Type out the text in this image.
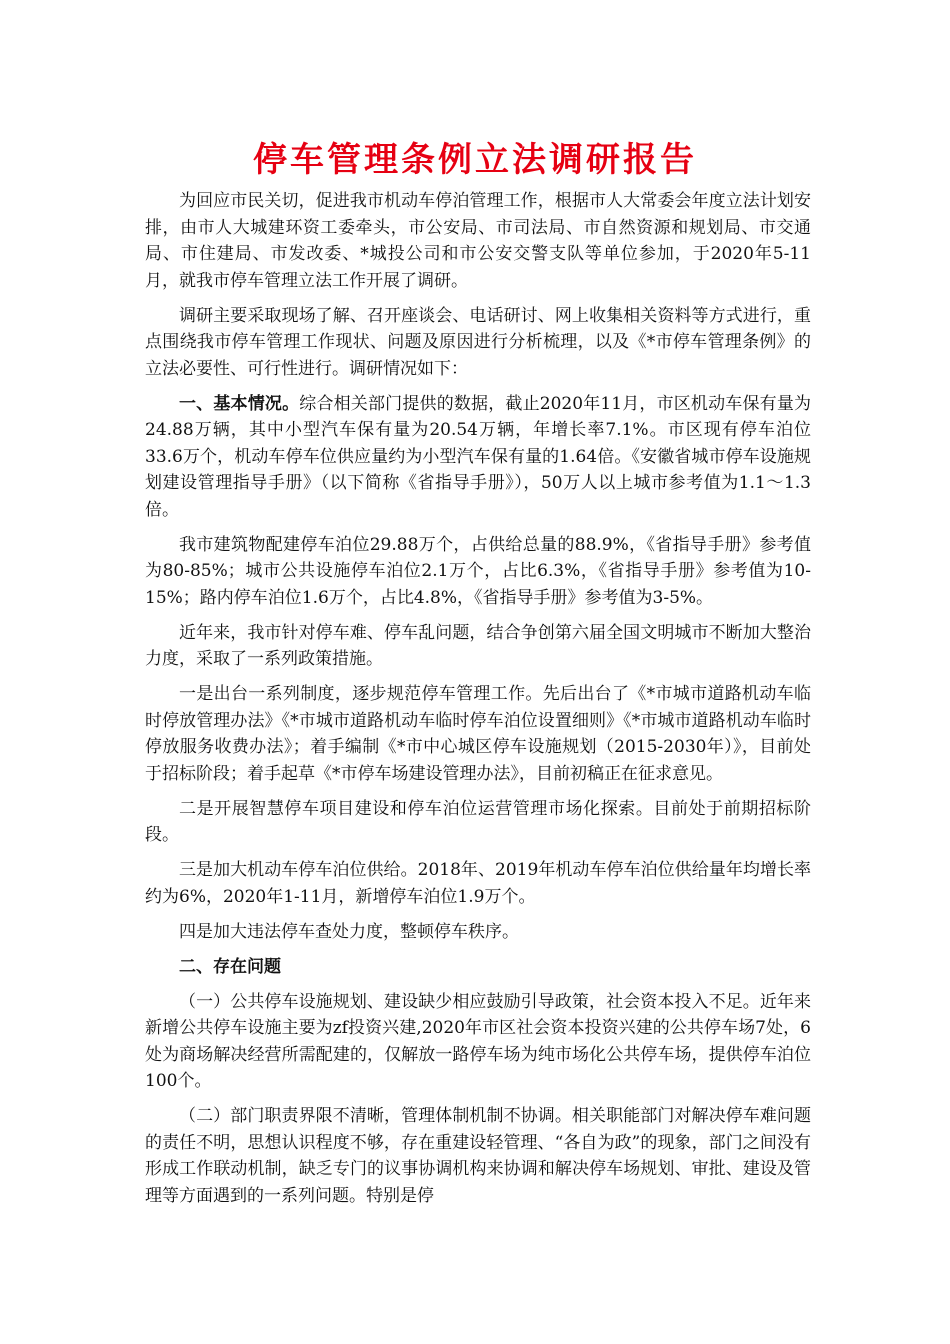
停车管理条例立法调研报告

为回应市民关切，促进我市机动车停泊管理工作，根据市人大常委会年度立法计划安排，由市人大城建环资工委牵头，市公安局、市司法局、市自然资源和规划局、市交通局、市住建局、市发改委、*城投公司和市公安交警支队等单位参加，于2020年5-11月，就我市停车管理立法工作开展了调研。

调研主要采取现场了解、召开座谈会、电话研讨、网上收集相关资料等方式进行，重点围绕我市停车管理工作现状、问题及原因进行分析梳理，以及《*市停车管理条例》的立法必要性、可行性进行。调研情况如下：

一、基本情况。综合相关部门提供的数据，截止2020年11月，市区机动车保有量为24.88万辆，其中小型汽车保有量为20.54万辆，年增长率7.1%。市区现有停车泊位33.6万个，机动车停车位供应量约为小型汽车保有量的1.64倍。《安徽省城市停车设施规划建设管理指导手册》（以下简称《省指导手册》），50万人以上城市参考值为1.1～1.3倍。

我市建筑物配建停车泊位29.88万个，占供给总量的88.9%，《省指导手册》参考值为80-85%；城市公共设施停车泊位2.1万个，占比6.3%，《省指导手册》参考值为10-15%；路内停车泊位1.6万个，占比4.8%，《省指导手册》参考值为3-5%。

近年来，我市针对停车难、停车乱问题，结合争创第六届全国文明城市不断加大整治力度，采取了一系列政策措施。

一是出台一系列制度，逐步规范停车管理工作。先后出台了《*市城市道路机动车临时停放管理办法》《*市城市道路机动车临时停车泊位设置细则》《*市城市道路机动车临时停放服务收费办法》；着手编制《*市中心城区停车设施规划（2015-2030年）》，目前处于招标阶段；着手起草《*市停车场建设管理办法》，目前初稿正在征求意见。

二是开展智慧停车项目建设和停车泊位运营管理市场化探索。目前处于前期招标阶段。

三是加大机动车停车泊位供给。2018年、2019年机动车停车泊位供给量年均增长率约为6%，2020年1-11月，新增停车泊位1.9万个。

四是加大违法停车查处力度，整顿停车秩序。

二、存在问题

（一）公共停车设施规划、建设缺少相应鼓励引导政策，社会资本投入不足。近年来新增公共停车设施主要为zf投资兴建,2020年市区社会资本投资兴建的公共停车场7处，6处为商场解决经营所需配建的，仅解放一路停车场为纯市场化公共停车场，提供停车泊位100个。

（二）部门职责界限不清晰，管理体制机制不协调。相关职能部门对解决停车难问题的责任不明，思想认识程度不够，存在重建设轻管理、“各自为政”的现象，部门之间没有形成工作联动机制，缺乏专门的议事协调机构来协调和解决停车场规划、审批、建设及管理等方面遇到的一系列问题。特别是停
